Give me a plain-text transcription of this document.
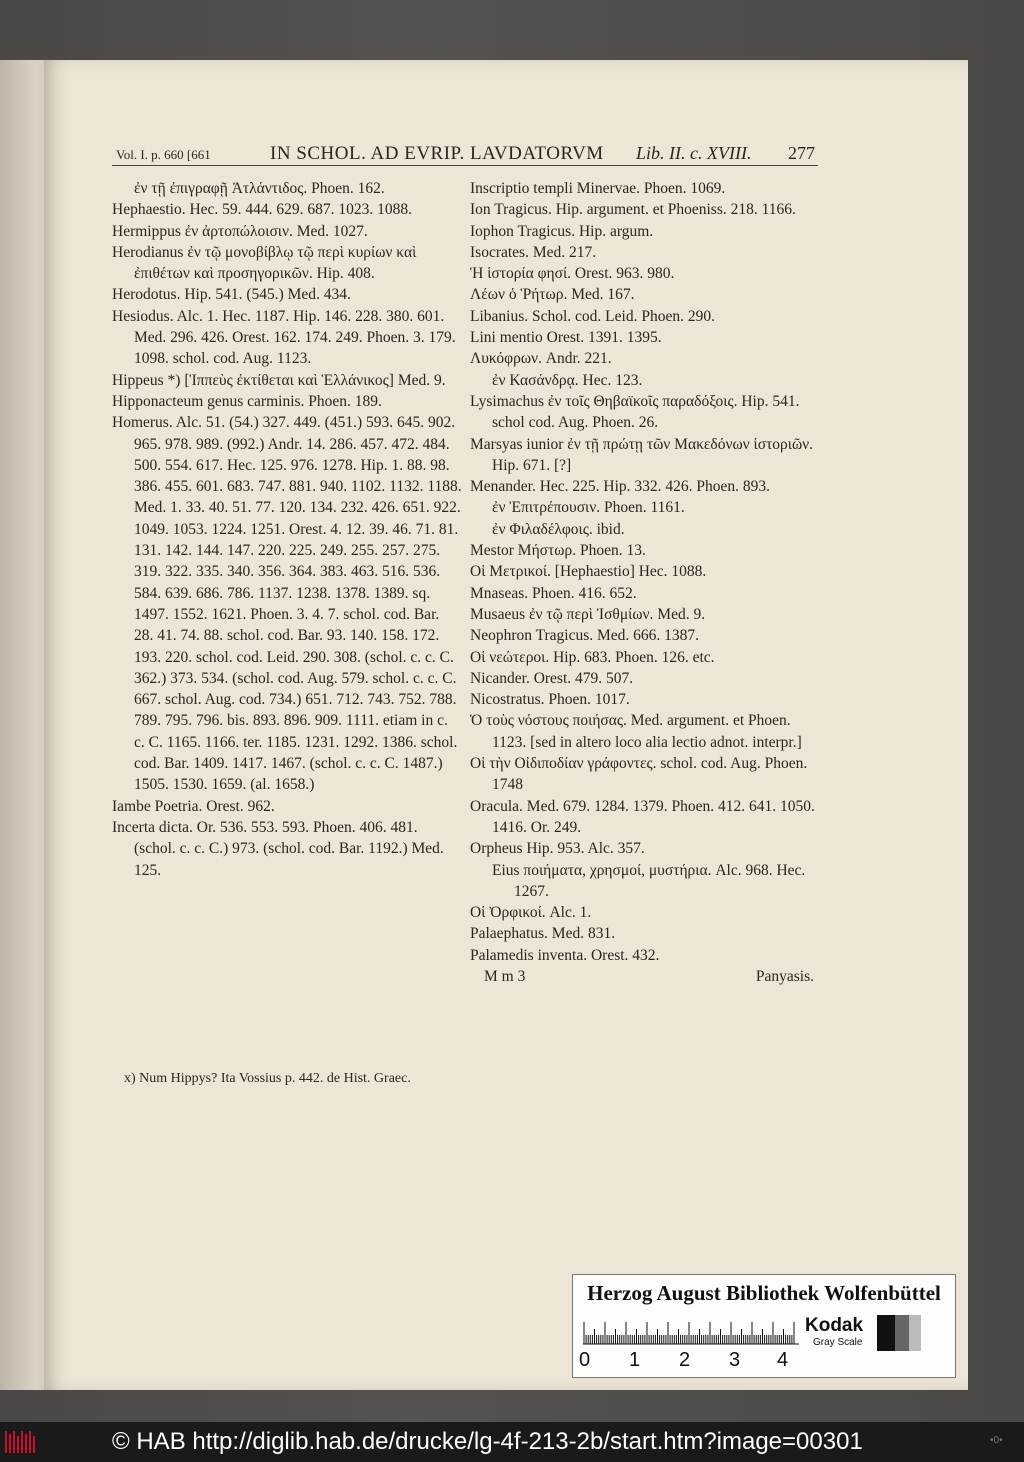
Vol. I. p. 660 [661	IN SCHOL. AD EVRIP. LAVDATORVM Lib. II. c. XVIII. 277
ἐν τῇ ἐπιγραφῇ Ἀτλάντιδος. Phoen. 162.
Hephaestio. Hec. 59. 444. 629. 687. 1023. 1088.
Hermippus ἐν ἀρτοπώλοισιν. Med. 1027.
Herodianus ἐν τῷ μονοβίβλῳ τῷ περὶ κυρίων καὶ ἐπιθέτων καὶ προσηγορικῶν. Hip. 408.
Herodotus. Hip. 541. (545.) Med. 434.
Hesiodus. Alc. 1. Hec. 1187. Hip. 146. 228. 380. 601. Med. 296. 426. Orest. 162. 174. 249. Phoen. 3. 179. 1098. schol. cod. Aug. 1123.
Hippeus *) [Ἱππεὺς ἐκτίθεται καὶ Ἑλλάνικος] Med. 9.
Hipponacteum genus carminis. Phoen. 189.
Homerus. Alc. 51. (54.) 327. 449. (451.) 593. 645. 902. 965. 978. 989. (992.) Andr. 14. 286. 457. 472. 484. 500. 554. 617. Hec. 125. 976. 1278. Hip. 1. 88. 98. 386. 455. 601. 683. 747. 881. 940. 1102. 1132. 1188. Med. 1. 33. 40. 51. 77. 120. 134. 232. 426. 651. 922. 1049. 1053. 1224. 1251. Orest. 4. 12. 39. 46. 71. 81. 131. 142. 144. 147. 220. 225. 249. 255. 257. 275. 319. 322. 335. 340. 356. 364. 383. 463. 516. 536. 584. 639. 686. 786. 1137. 1238. 1378. 1389. sq. 1497. 1552. 1621. Phoen. 3. 4. 7. schol. cod. Bar. 28. 41. 74. 88. schol. cod. Bar. 93. 140. 158. 172. 193. 220. schol. cod. Leid. 290. 308. (schol. c. c. C. 362.) 373. 534. (schol. cod. Aug. 579. schol. c. c. C. 667. schol. Aug. cod. 734.) 651. 712. 743. 752. 788. 789. 795. 796. bis. 893. 896. 909. 1111. etiam in c. c. C. 1165. 1166. ter. 1185. 1231. 1292. 1386. schol. cod. Bar. 1409. 1417. 1467. (schol. c. c. C. 1487.) 1505. 1530. 1659. (al. 1658.)
Iambe Poetria. Orest. 962.
Incerta dicta. Or. 536. 553. 593. Phoen. 406. 481. (schol. c. c. C.) 973. (schol. cod. Bar. 1192.) Med. 125.
Inscriptio templi Minervae. Phoen. 1069.
Ion Tragicus. Hip. argument. et Phoeniss. 218. 1166.
Iophon Tragicus. Hip. argum.
Isocrates. Med. 217.
Ἡ ἱστορία φησί. Orest. 963. 980.
Λέων ὁ Ῥήτωρ. Med. 167.
Libanius. Schol. cod. Leid. Phoen. 290.
Lini mentio Orest. 1391. 1395.
Λυκόφρων. Andr. 221.
ἐν Κασάνδρᾳ. Hec. 123.
Lysimachus ἐν τοῖς Θηβαϊκοῖς παραδόξοις. Hip. 541. schol cod. Aug. Phoen. 26.
Marsyas iunior ἐν τῇ πρώτῃ τῶν Μακεδόνων ἱστοριῶν. Hip. 671. [?]
Menander. Hec. 225. Hip. 332. 426. Phoen. 893.
ἐν Ἐπιτρέπουσιν. Phoen. 1161.
ἐν Φιλαδέλφοις. ibid.
Mestor Μήστωρ. Phoen. 13.
Οἱ Μετρικοί. [Hephaestio] Hec. 1088.
Mnaseas. Phoen. 416. 652.
Musaeus ἐν τῷ περὶ Ἰσθμίων. Med. 9.
Neophron Tragicus. Med. 666. 1387.
Οἱ νεώτεροι. Hip. 683. Phoen. 126. etc.
Nicander. Orest. 479. 507.
Nicostratus. Phoen. 1017.
Ὁ τοὺς νόστους ποιήσας. Med. argument. et Phoen. 1123. [sed in altero loco alia lectio adnot. interpr.]
Οἱ τὴν Οἰδιποδίαν γράφοντες. schol. cod. Aug. Phoen. 1748
Oracula. Med. 679. 1284. 1379. Phoen. 412. 641. 1050. 1416. Or. 249.
Orpheus Hip. 953. Alc. 357.
Eius ποιήματα, χρησμοί, μυστήρια. Alc. 968. Hec. 1267.
Οἱ Ὀρφικοί. Alc. 1.
Palaephatus. Med. 831.
Palamedis inventa. Orest. 432.
M m 3	Panyasis.
x) Num Hippys? Ita Vossius p. 442. de Hist. Graec.
Herzog August Bibliothek Wolfenbüttel
Kodak
Gray Scale
0 1 2 3 4
© HAB http://diglib.hab.de/drucke/lg-4f-213-2b/start.htm?image=00301	•0•
